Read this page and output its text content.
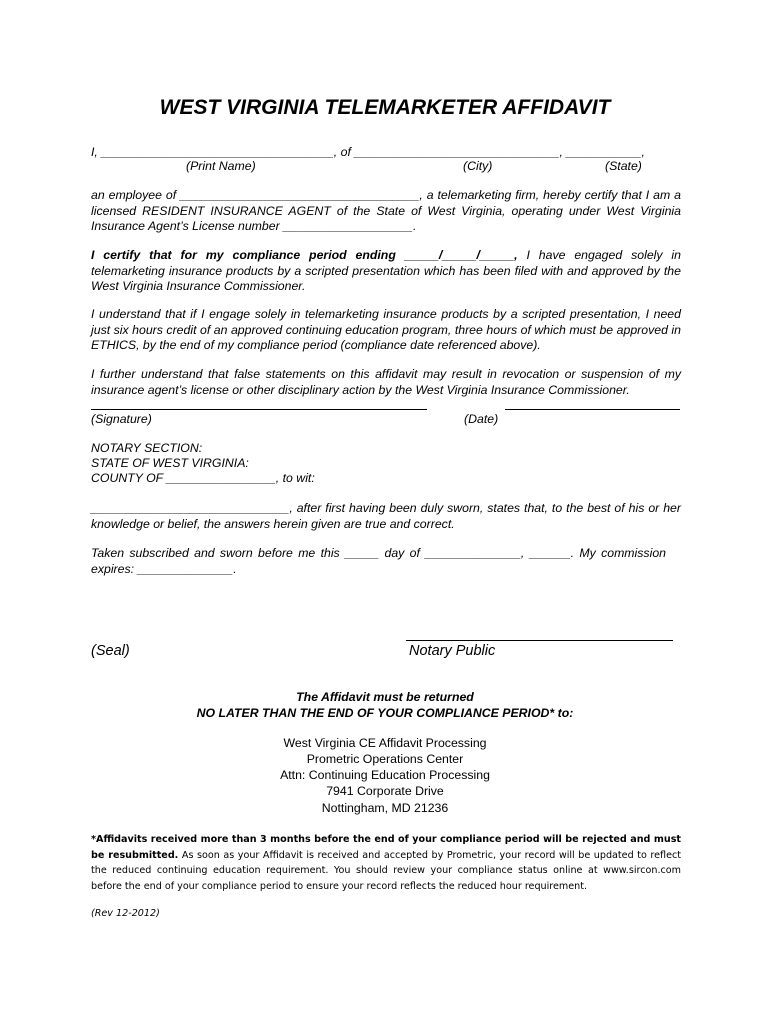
WEST VIRGINIA TELEMARKETER AFFIDAVIT
I, __________________________________, of ______________________________, ___________,
(Print Name)	(City)	(State)
an employee of ___________________________________, a telemarketing firm, hereby certify that I am a licensed RESIDENT INSURANCE AGENT of the State of West Virginia, operating under West Virginia Insurance Agent’s License number ___________________.
I certify that for my compliance period ending _____/_____/_____, I have engaged solely in telemarketing insurance products by a scripted presentation which has been filed with and approved by the West Virginia Insurance Commissioner.
I understand that if I engage solely in telemarketing insurance products by a scripted presentation, I need just six hours credit of an approved continuing education program, three hours of which must be approved in ETHICS, by the end of my compliance period (compliance date referenced above).
I further understand that false statements on this affidavit may result in revocation or suspension of my insurance agent’s license or other disciplinary action by the West Virginia Insurance Commissioner.
(Signature)	(Date)
NOTARY SECTION:
STATE OF WEST VIRGINIA:
COUNTY OF ________________, to wit:
_____________________________, after first having been duly sworn, states that, to the best of his or her knowledge or belief, the answers herein given are true and correct.
Taken subscribed and sworn before me this _____ day of ______________, ______. My commission expires: ______________.
(Seal)	Notary Public
The Affidavit must be returned
NO LATER THAN THE END OF YOUR COMPLIANCE PERIOD* to:
West Virginia CE Affidavit Processing
Prometric Operations Center
Attn: Continuing Education Processing
7941 Corporate Drive
Nottingham, MD 21236
*Affidavits received more than 3 months before the end of your compliance period will be rejected and must be resubmitted. As soon as your Affidavit is received and accepted by Prometric, your record will be updated to reflect the reduced continuing education requirement. You should review your compliance status online at www.sircon.com before the end of your compliance period to ensure your record reflects the reduced hour requirement.
(Rev 12-2012)
